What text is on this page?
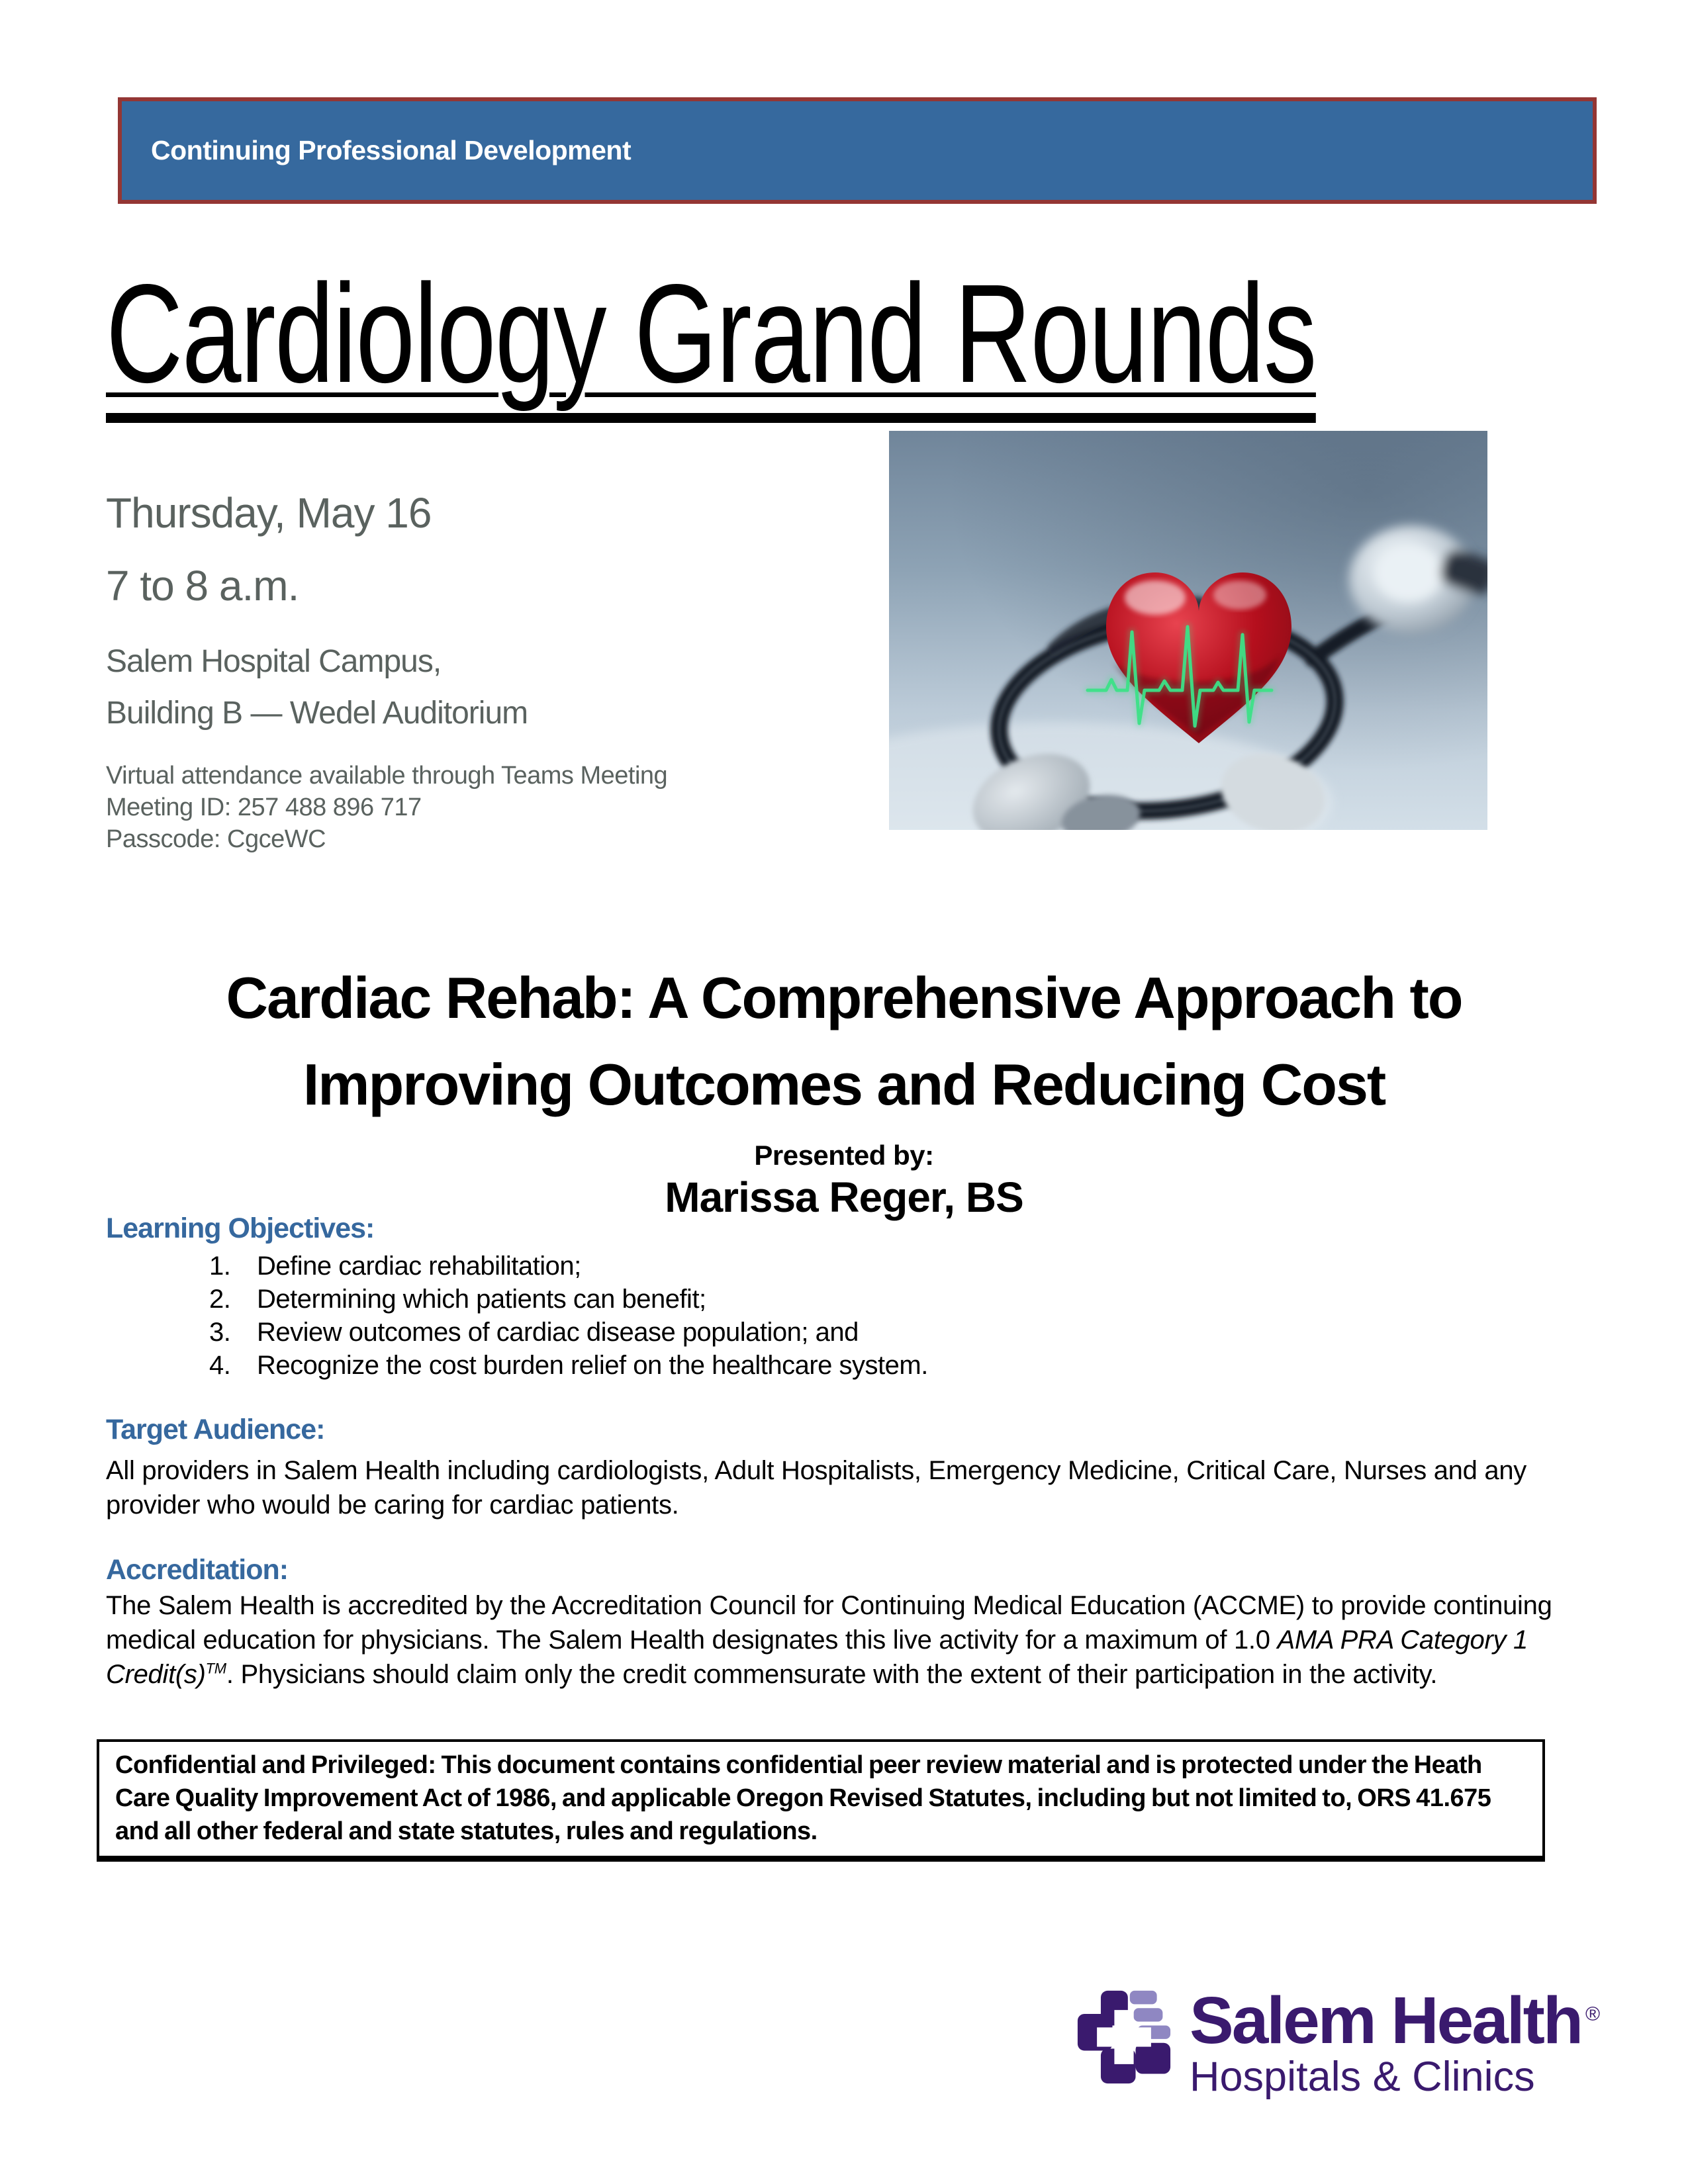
Continuing Professional Development
Cardiology Grand Rounds
Thursday, May 16
7 to 8 a.m.
Salem Hospital Campus,
Building B — Wedel Auditorium
Virtual attendance available through Teams Meeting
Meeting ID: 257 488 896 717
Passcode: CgceWC
Cardiac Rehab: A Comprehensive Approach to
Improving Outcomes and Reducing Cost
Presented by:
Marissa Reger, BS
Learning Objectives:
Define cardiac rehabilitation;
Determining which patients can benefit;
Review outcomes of cardiac disease population; and
Recognize the cost burden relief on the healthcare system.
Target Audience:
All providers in Salem Health including cardiologists, Adult Hospitalists, Emergency Medicine, Critical Care, Nurses and any provider who would be caring for cardiac patients.
Accreditation:
The Salem Health is accredited by the Accreditation Council for Continuing Medical Education (ACCME) to provide continuing medical education for physicians. The Salem Health designates this live activity for a maximum of 1.0 AMA PRA Category 1 Credit(s)™. Physicians should claim only the credit commensurate with the extent of their participation in the activity.
Confidential and Privileged: This document contains confidential peer review material and is protected under the Heath Care Quality Improvement Act of 1986, and applicable Oregon Revised Statutes, including but not limited to, ORS 41.675 and all other federal and state statutes, rules and regulations.
Salem Health ®
Hospitals & Clinics
